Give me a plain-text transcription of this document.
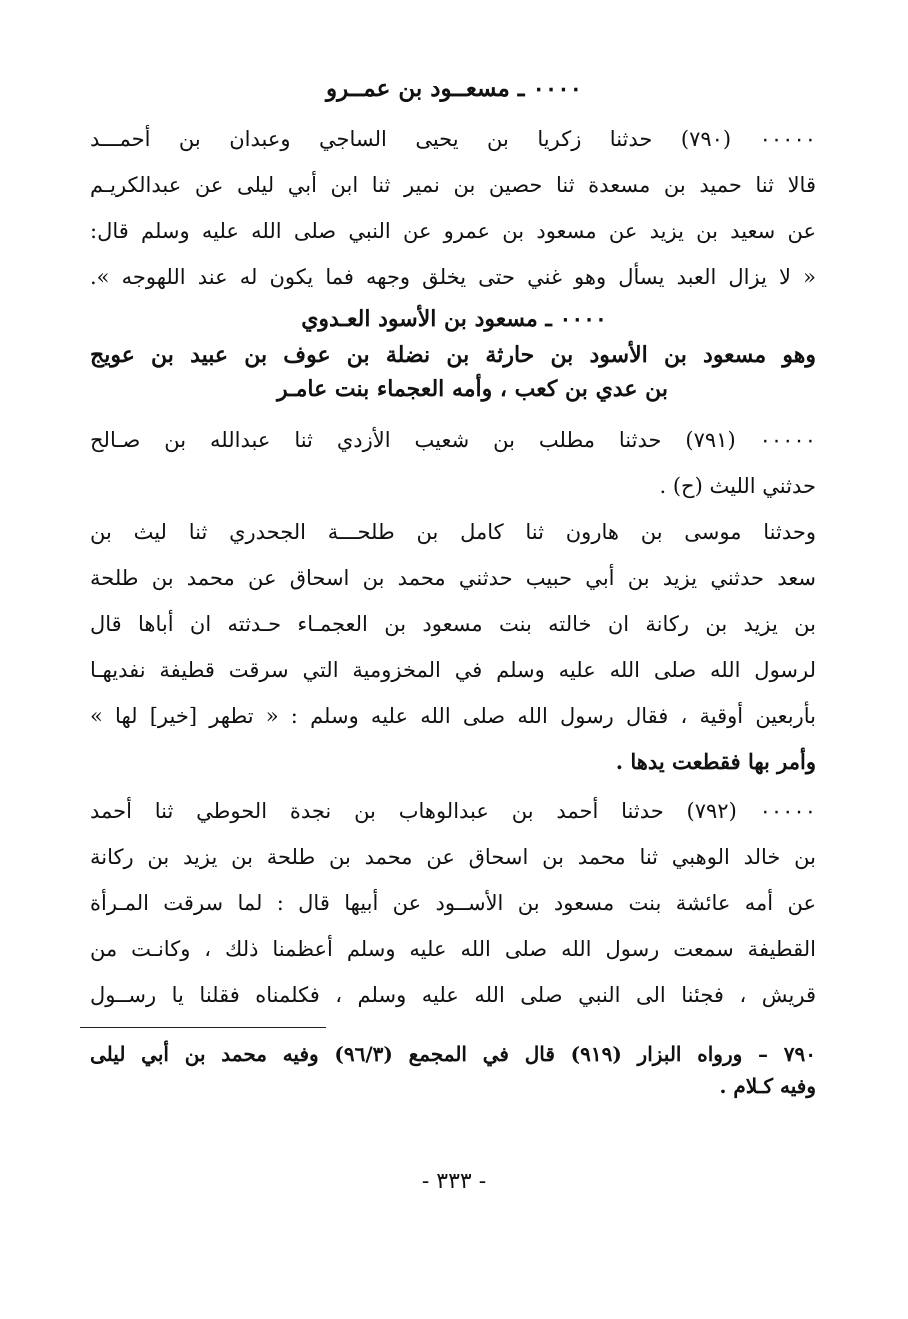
٠٠٠٠ ـ مسعــود بن عمــرو
٠٠٠٠٠ (٧٩٠) حدثنا زكريا بن يحيى الساجي وعبدان بن أحمـــد
قالا ثنا حميد بن مسعدة ثنا حصين بن نمير ثنا ابن أبي ليلى عن عبدالكريـم
عن سعيد بن يزيد عن مسعود بن عمرو عن النبي صلى الله عليه وسلم قال:
« لا يزال العبد يسأل وهو غني حتى يخلق وجهه فما يكون له عند اللهوجه ».
٠٠٠٠ ـ مسعود بن الأسود العـدوي
وهو مسعود بن الأسود بن حارثة بن نضلة بن عوف بن عبيد بن عويج
بن عدي بن كعب ، وأمه العجماء بنت عامـر
٠٠٠٠٠ (٧٩١) حدثنا مطلب بن شعيب الأزدي ثنا عبدالله بن صـالح
حدثني الليث (ح) .
وحدثنا موسى بن هارون ثنا كامل بن طلحـــة الجحدري ثنا ليث بن
سعد حدثني يزيد بن أبي حبيب حدثني محمد بن اسحاق عن محمد بن طلحة
بن يزيد بن ركانة ان خالته بنت مسعود بن العجمـاء حـدثته ان أباها قال
لرسول الله صلى الله عليه وسلم في المخزومية التي سرقت قطيفة نفديهـا
بأربعين أوقية ، فقال رسول الله صلى الله عليه وسلم : « تطهر [خير] لها »
وأمر بها فقطعت يدها .
٠٠٠٠٠ (٧٩٢) حدثنا أحمد بن عبدالوهاب بن نجدة الحوطي ثنا أحمد
بن خالد الوهبي ثنا محمد بن اسحاق عن محمد بن طلحة بن يزيد بن ركانة
عن أمه عائشة بنت مسعود بن الأســود عن أبيها قال : لما سرقت المـرأة
القطيفة سمعت رسول الله صلى الله عليه وسلم أعظمنا ذلك ، وكانـت من
قريش ، فجئنا الى النبي صلى الله عليه وسلم ، فكلمناه فقلنا يا رســول
٧٩٠ – ورواه البزار (٩١٩) قال في المجمع (٩٦/٣) وفيه محمد بن أبي ليلى
وفيه كـلام .
- ٣٣٣ -
